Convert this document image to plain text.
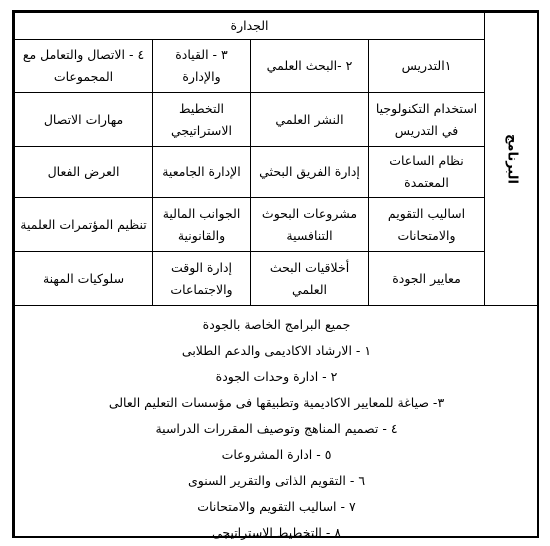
البرنامج
الجدارة
١التدريس
٢ -البحث العلمي
٣ - القيادة والإدارة
٤ - الاتصال والتعامل مع المجموعات
استخدام التكنولوجيا في التدريس
النشر العلمي
التخطيط الاستراتيجي
مهارات الاتصال
نظام الساعات المعتمدة
إدارة الفريق البحثي
الإدارة الجامعية
العرض الفعال
اساليب التقويم والامتحانات
مشروعات البحوث التنافسية
الجوانب المالية والقانونية
تنظيم المؤتمرات العلمية
معايير الجودة
أخلاقيات البحث العلمي
إدارة الوقت والاجتماعات
سلوكيات المهنة
جميع البرامج الخاصة بالجودة
١ - الارشاد الاكاديمى والدعم الطلابى
٢ - ادارة وحدات الجودة
٣- صياغة للمعايير الاكاديمية وتطبيقها فى مؤسسات التعليم العالى
٤ - تصميم المناهج وتوصيف المقررات الدراسية
٥ - ادارة المشروعات
٦ - التقويم الذاتى والتقرير السنوى
٧ - اساليب التقويم والامتحانات
٨ - التخطيط الاستراتيجى
